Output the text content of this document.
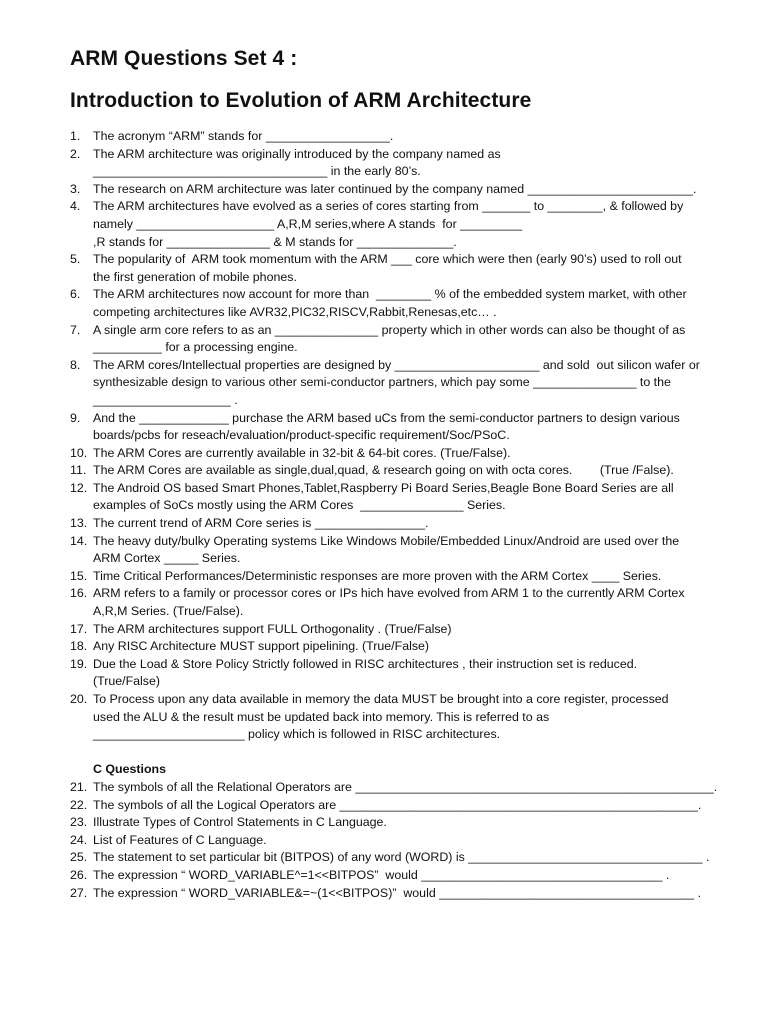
ARM Questions Set 4 :
Introduction to Evolution of ARM Architecture
1.	The acronym “ARM” stands for __________________.
2.	The ARM architecture was originally introduced by the company named as
__________________________________ in the early 80’s.
3.	The research on ARM architecture was later continued by the company named ________________________.
4.	The ARM architectures have evolved as a series of cores starting from _______ to ________, & followed by
namely ____________________ A,R,M series,where A stands  for _________
,R stands for _______________ & M stands for ______________.
5.	The popularity of  ARM took momentum with the ARM ___ core which were then (early 90’s) used to roll out
the first generation of mobile phones.
6.	The ARM architectures now account for more than  ________ % of the embedded system market, with other
competing architectures like AVR32,PIC32,RISCV,Rabbit,Renesas,etc… .
7.	A single arm core refers to as an _______________ property which in other words can also be thought of as
__________ for a processing engine.
8.	The ARM cores/Intellectual properties are designed by _____________________ and sold  out silicon wafer or
synthesizable design to various other semi-conductor partners, which pay some _______________ to the
____________________ .
9.	And the _____________ purchase the ARM based uCs from the semi-conductor partners to design various
boards/pcbs for reseach/evaluation/product-specific requirement/Soc/PSoC.
10. The ARM Cores are currently available in 32-bit & 64-bit cores. (True/False).
11. The ARM Cores are available as single,dual,quad, & research going on with octa cores.        (True /False).
12. The Android OS based Smart Phones,Tablet,Raspberry Pi Board Series,Beagle Bone Board Series are all
examples of SoCs mostly using the ARM Cores  _______________ Series.
13. The current trend of ARM Core series is ________________.
14. The heavy duty/bulky Operating systems Like Windows Mobile/Embedded Linux/Android are used over the
ARM Cortex _____ Series.
15. Time Critical Performances/Deterministic responses are more proven with the ARM Cortex ____ Series.
16. ARM refers to a family or processor cores or IPs hich have evolved from ARM 1 to the currently ARM Cortex
A,R,M Series. (True/False).
17. The ARM architectures support FULL Orthogonality . (True/False)
18. Any RISC Architecture MUST support pipelining. (True/False)
19. Due the Load & Store Policy Strictly followed in RISC architectures , their instruction set is reduced.
(True/False)
20. To Process upon any data available in memory the data MUST be brought into a core register, processed
used the ALU & the result must be updated back into memory. This is referred to as
______________________ policy which is followed in RISC architectures.
C Questions
21. The symbols of all the Relational Operators are ____________________________________________________.
22. The symbols of all the Logical Operators are ____________________________________________________.
23. Illustrate Types of Control Statements in C Language.
24. List of Features of C Language.
25. The statement to set particular bit (BITPOS) of any word (WORD) is __________________________________ .
26. The expression “ WORD_VARIABLE^=1<<BITPOS”  would ___________________________________ .
27. The expression “ WORD_VARIABLE&=~(1<<BITPOS)”  would _____________________________________ .
